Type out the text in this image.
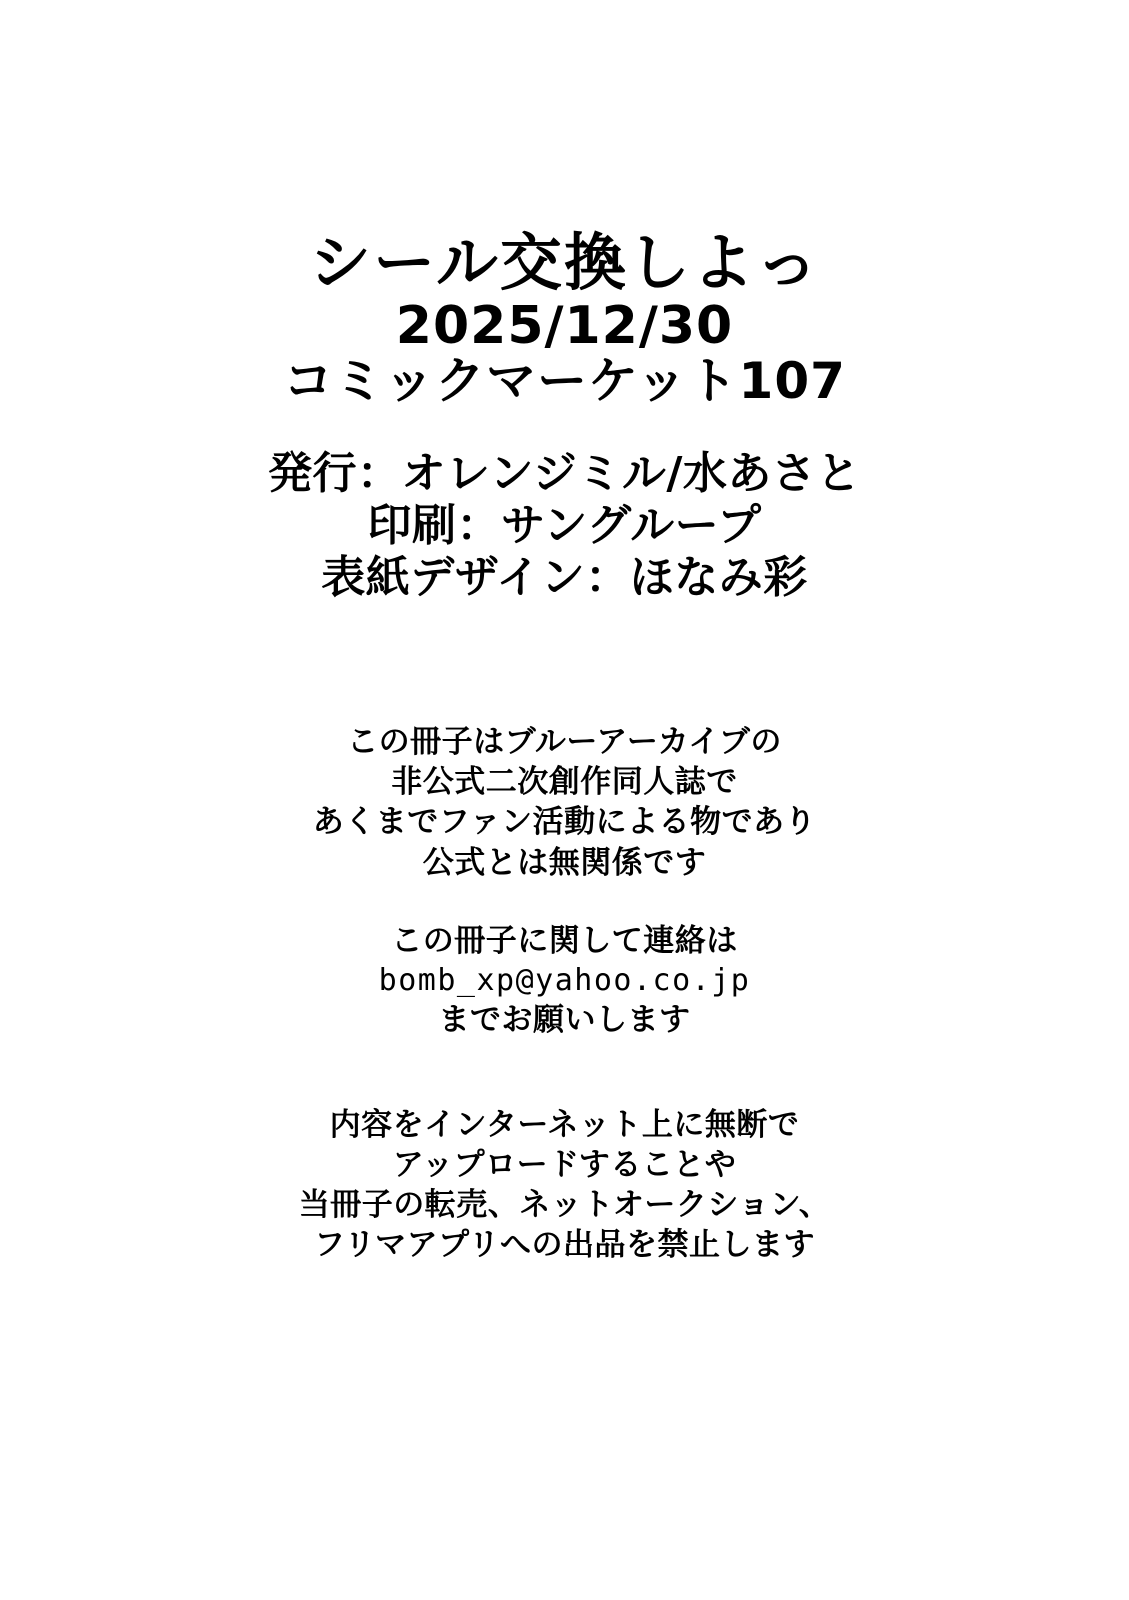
シール交換しよっ
2025/12/30
コミックマーケット107
発行：オレンジミル/水あさと
印刷：サングループ
表紙デザイン：ほなみ彩
この冊子はブルーアーカイブの
非公式二次創作同人誌で
あくまでファン活動による物であり
公式とは無関係です
この冊子に関して連絡は
bomb_xp@yahoo.co.jp
までお願いします
内容をインターネット上に無断で
アップロードすることや
当冊子の転売、ネットオークション、
フリマアプリへの出品を禁止します
